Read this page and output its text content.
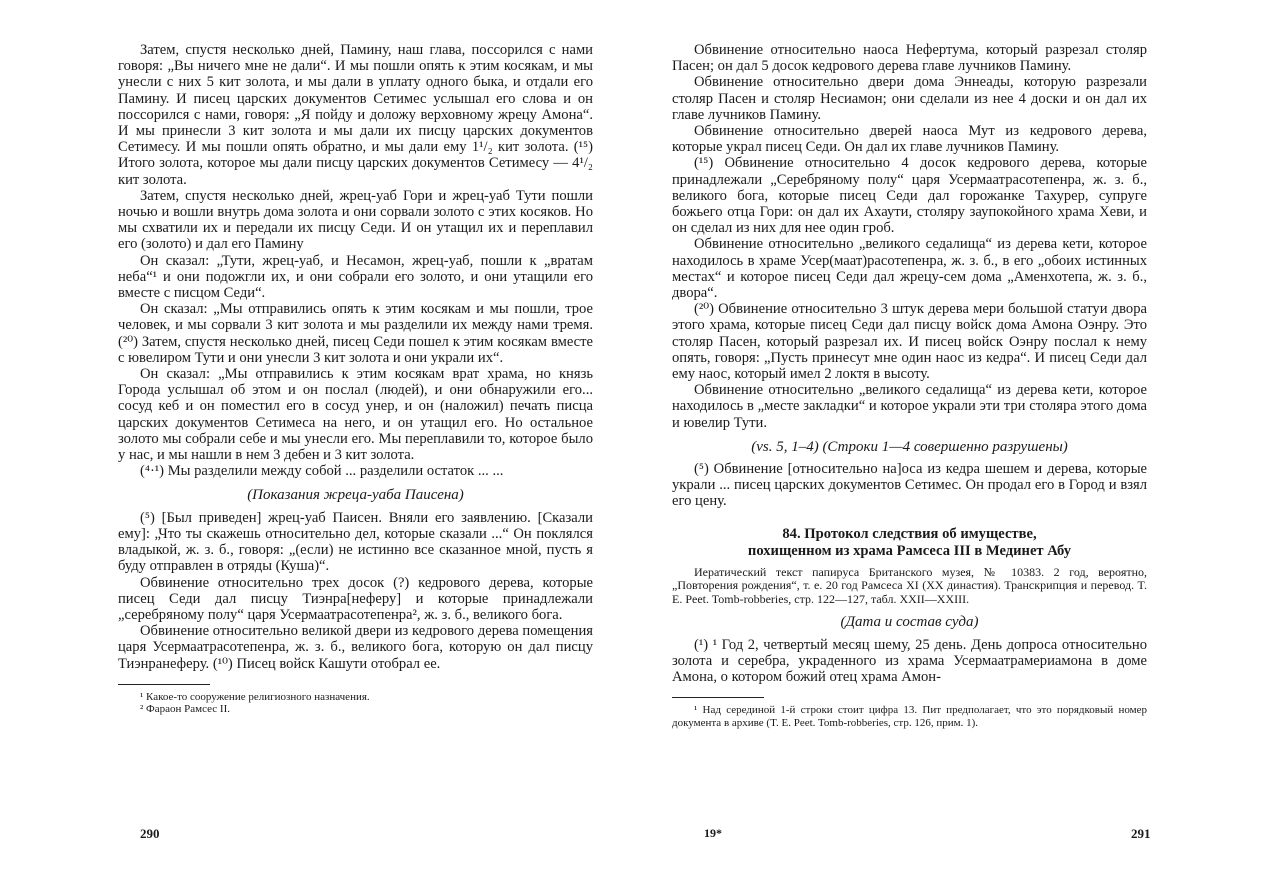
Затем, спустя несколько дней, Памину, наш глава, поссорился с нами говоря: „Вы ничего мне не дали“. И мы пошли опять к этим косякам, и мы унесли с них 5 кит золота, и мы дали в уплату одного быка, и отдали его Памину. И писец царских документов Сетимес услышал его слова и он поссорился с нами, говоря: „Я пойду и доложу верховному жрецу Амона“. И мы принесли 3 кит золота и мы дали их писцу царских документов Сетимесу. И мы пошли опять обратно, и мы дали ему 1¹/₂ кит золота. (¹⁵) Итого золота, которое мы дали писцу царских документов Сетимесу — 4¹/₂ кит золота.

Затем, спустя несколько дней, жрец-уаб Гори и жрец-уаб Тути пошли ночью и вошли внутрь дома золота и они сорвали золото с этих косяков. Но мы схватили их и передали их писцу Седи. И он утащил их и переплавил его (золото) и дал его Памину

Он сказал: „Тути, жрец-уаб, и Несамон, жрец-уаб, пошли к „вратам неба“¹ и они подожгли их, и они собрали его золото, и они утащили его вместе с писцом Седи“.

Он сказал: „Мы отправились опять к этим косякам и мы пошли, трое человек, и мы сорвали 3 кит золота и мы разделили их между нами тремя. (²⁰) Затем, спустя несколько дней, писец Седи пошел к этим косякам вместе с ювелиром Тути и они унесли 3 кит золота и они украли их“.

Он сказал: „Мы отправились к этим косякам врат храма, но князь Города услышал об этом и он послал (людей), и они обнаружили его... сосуд кеб и он поместил его в сосуд унер, и он (наложил) печать писца царских документов Сетимеса на него, и он утащил его. Но остальное золото мы собрали себе и мы унесли его. Мы переплавили то, которое было у нас, и мы нашли в нем 3 дебен и 3 кит золота.

(⁴·¹) Мы разделили между собой ... разделили остаток ... ...

(Показания жреца-уаба Паисена)

(⁵) [Был приведен] жрец-уаб Паисен. Вняли его заявлению. [Сказали ему]: „Что ты скажешь относительно дел, которые сказали ...“ Он поклялся владыкой, ж. з. б., говоря: „(если) не истинно все сказанное мной, пусть я буду отправлен в отряды (Куша)“.

Обвинение относительно трех досок (?) кедрового дерева, которые писец Седи дал писцу Тиэнра[неферу] и которые принадлежали „серебряному полу“ царя Усермаатрасотепенра², ж. з. б., великого бога.

Обвинение относительно великой двери из кедрового дерева помещения царя Усермаатрасотепенра, ж. з. б., великого бога, которую он дал писцу Тиэнранеферу. (¹⁰) Писец войск Кашути отобрал ее.

¹ Какое-то сооружение религиозного назначения.

² Фараон Рамсес II.

Обвинение относительно наоса Нефертума, который разрезал столяр Пасен; он дал 5 досок кедрового дерева главе лучников Памину.

Обвинение относительно двери дома Эннеады, которую разрезали столяр Пасен и столяр Несиамон; они сделали из нее 4 доски и он дал их главе лучников Памину.

Обвинение относительно дверей наоса Мут из кедрового дерева, которые украл писец Седи. Он дал их главе лучников Памину.

(¹⁵) Обвинение относительно 4 досок кедрового дерева, которые принадлежали „Серебряному полу“ царя Усермаатрасотепенра, ж. з. б., великого бога, которые писец Седи дал горожанке Тахурер, супруге божьего отца Гори: он дал их Ахаути, столяру заупокойного храма Хеви, и он сделал из них для нее один гроб.

Обвинение относительно „великого седалища“ из дерева кети, которое находилось в храме Усер(маат)расотепенра, ж. з. б., в его „обоих истинных местах“ и которое писец Седи дал жрецу-сем дома „Аменхотепа, ж. з. б., двора“.

(²⁰) Обвинение относительно 3 штук дерева мери большой статуи двора этого храма, которые писец Седи дал писцу войск дома Амона Оэнру. Это столяр Пасен, который разрезал их. И писец войск Оэнру послал к нему опять, говоря: „Пусть принесут мне один наос из кедра“. И писец Седи дал ему наос, который имел 2 локтя в высоту.

Обвинение относительно „великого седалища“ из дерева кети, которое находилось в „месте закладки“ и которое украли эти три столяра этого дома и ювелир Тути.

(vs. 5, 1–4) (Строки 1—4 совершенно разрушены)

(⁵) Обвинение [относительно на]оса из кедра шешем и дерева, которые украли ... писец царских документов Сетимес. Он продал его в Город и взял его цену.

84. Протокол следствия об имуществе,
похищенном из храма Рамсеса III в Мединет Абу

Иератический текст папируса Британского музея, № 10383. 2 год, вероятно, „Повторения рождения“, т. е. 20 год Рамсеса XI (XX династия). Транскрипция и перевод. T. E. Peet. Tomb-robberies, стр. 122—127, табл. XXII—XXIII.

(Дата и состав суда)

(¹) ¹ Год 2, четвертый месяц шему, 25 день. День допроса относительно золота и серебра, украденного из храма Усермаатрамериамона в доме Амона, о котором божий отец храма Амон-

¹ Над серединой 1-й строки стоит цифра 13. Пит предполагает, что это порядковый номер документа в архиве (T. E. Peet. Tomb-robberies, стр. 126, прим. 1).

290	19*	291
